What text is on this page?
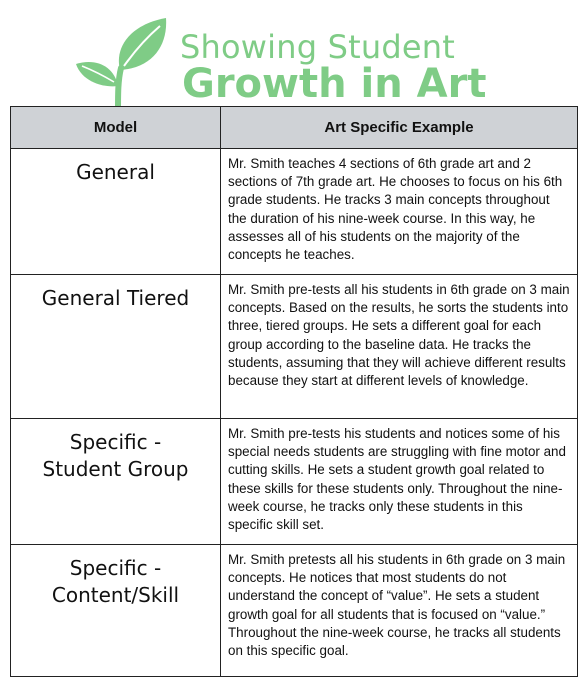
Showing Student
Growth in Art
Model	Art Specific Example

General	Mr. Smith teaches 4 sections of 6th grade art and 2 sections of 7th grade art. He chooses to focus on his 6th grade students. He tracks 3 main concepts throughout the duration of his nine-week course. In this way, he assesses all of his students on the majority of the concepts he teaches.

General Tiered	Mr. Smith pre-tests all his students in 6th grade on 3 main concepts. Based on the results, he sorts the students into three, tiered groups. He sets a different goal for each group according to the baseline data. He tracks the students, assuming that they will achieve different results because they start at different levels of knowledge.

Specific -
Student Group	Mr. Smith pre-tests his students and notices some of his special needs students are struggling with fine motor and cutting skills. He sets a student growth goal related to these skills for these students only. Throughout the nine-week course, he tracks only these students in this specific skill set.

Specific -
Content/Skill	Mr. Smith pretests all his students in 6th grade on 3 main concepts. He notices that most students do not understand the concept of “value”. He sets a student growth goal for all students that is focused on “value.” Throughout the nine-week course, he tracks all students on this specific goal.
